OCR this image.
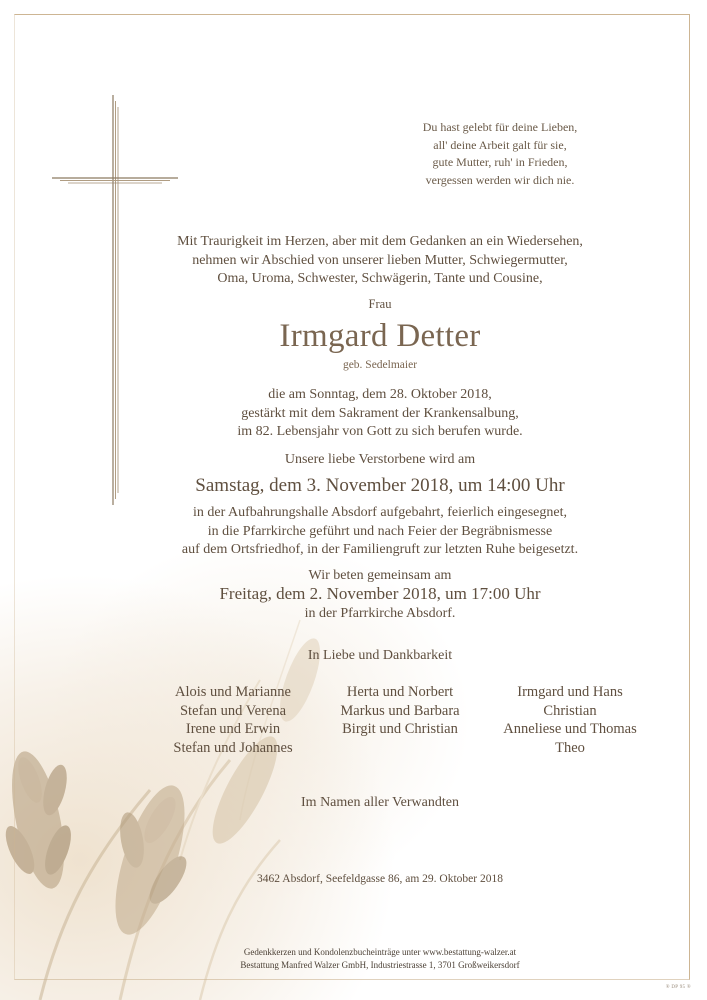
Du hast gelebt für deine Lieben,
all' deine Arbeit galt für sie,
gute Mutter, ruh' in Frieden,
vergessen werden wir dich nie.
Mit Traurigkeit im Herzen, aber mit dem Gedanken an ein Wiedersehen,
nehmen wir Abschied von unserer lieben Mutter, Schwiegermutter,
Oma, Uroma, Schwester, Schwägerin, Tante und Cousine,
Frau
Irmgard Detter
geb. Sedelmaier
die am Sonntag, dem 28. Oktober 2018,
gestärkt mit dem Sakrament der Krankensalbung,
im 82. Lebensjahr von Gott zu sich berufen wurde.
Unsere liebe Verstorbene wird am
Samstag, dem 3. November 2018, um 14:00 Uhr
in der Aufbahrungshalle Absdorf aufgebahrt, feierlich eingesegnet,
in die Pfarrkirche geführt und nach Feier der Begräbnismesse
auf dem Ortsfriedhof, in der Familiengruft zur letzten Ruhe beigesetzt.
Wir beten gemeinsam am
Freitag, dem 2. November 2018, um 17:00 Uhr
in der Pfarrkirche Absdorf.
In Liebe und Dankbarkeit
Alois und Marianne
Stefan und Verena
Irene und Erwin
Stefan und Johannes
Herta und Norbert
Markus und Barbara
Birgit und Christian
Irmgard und Hans
Christian
Anneliese und Thomas
Theo
Im Namen aller Verwandten
3462 Absdorf, Seefeldgasse 86, am 29. Oktober 2018
Gedenkkerzen und Kondolenzbucheinträge unter www.bestattung-walzer.at
Bestattung Manfred Walzer GmbH, Industriestrasse 1, 3701 Großweikersdorf
® DP 95 ®
